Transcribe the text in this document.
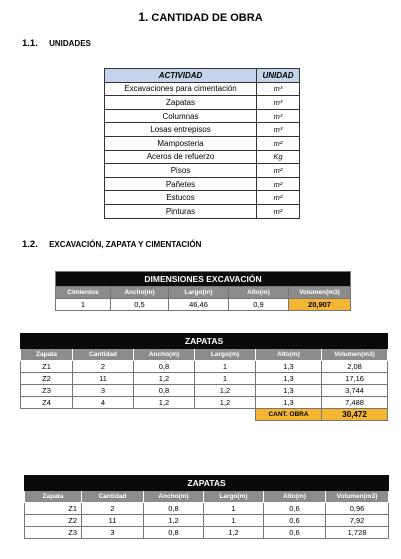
1. CANTIDAD DE OBRA
1.1. UNIDADES
ACTIVIDAD	UNIDAD
Excavaciones para cimentación	m³
Zapatas	m³
Columnas	m³
Losas entrepisos	m³
Mamposteria	m²
Aceros de refuerzo	Kg
Pisos	m²
Pañetes	m²
Estucos	m²
Pinturas	m²
1.2. EXCAVACIÓN, ZAPATA Y CIMENTACIÓN
DIMENSIONES EXCAVACIÓN				
Cimientos	Ancho(m)	Largo(m)	Alto(m)	Volumen(m3)
1	0,5	46,46	0,9	20,907
ZAPATAS					
Zapata	Cantidad	Ancho(m)	Largo(m)	Alto(m)	Volumen(m3)
Z1	2	0,8	1	1,3	2,08
Z2	11	1,2	1	1,3	17,16
Z3	3	0,8	1,2	1,3	3,744
Z4	4	1,2	1,2	1,3	7,488
				CANT. OBRA	30,472
ZAPATAS					
Zapata	Cantidad	Ancho(m)	Largo(m)	Alto(m)	Volumen(m3)
Z1	2	0,8	1	0,6	0,96
Z2	11	1,2	1	0,6	7,92
Z3	3	0,8	1,2	0,6	1,728
